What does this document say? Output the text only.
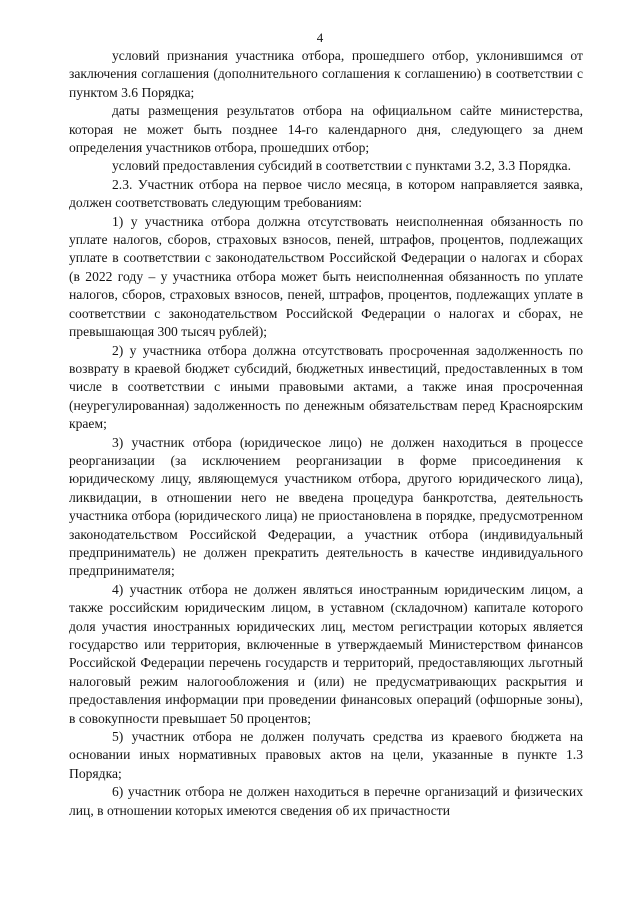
4

условий признания участника отбора, прошедшего отбор, уклонившимся от заключения соглашения (дополнительного соглашения к соглашению) в соответствии с пунктом 3.6 Порядка;

даты размещения результатов отбора на официальном сайте министерства, которая не может быть позднее 14-го календарного дня, следующего за днем определения участников отбора, прошедших отбор;

условий предоставления субсидий в соответствии с пунктами 3.2, 3.3 Порядка.

2.3. Участник отбора на первое число месяца, в котором направляется заявка, должен соответствовать следующим требованиям:

1) у участника отбора должна отсутствовать неисполненная обязанность по уплате налогов, сборов, страховых взносов, пеней, штрафов, процентов, подлежащих уплате в соответствии с законодательством Российской Федерации о налогах и сборах (в 2022 году – у участника отбора может быть неисполненная обязанность по уплате налогов, сборов, страховых взносов, пеней, штрафов, процентов, подлежащих уплате в соответствии с законодательством Российской Федерации о налогах и сборах, не превышающая 300 тысяч рублей);

2) у участника отбора должна отсутствовать просроченная задолженность по возврату в краевой бюджет субсидий, бюджетных инвестиций, предоставленных в том числе в соответствии с иными правовыми актами, а также иная просроченная (неурегулированная) задолженность по денежным обязательствам перед Красноярским краем;

3) участник отбора (юридическое лицо) не должен находиться в процессе реорганизации (за исключением реорганизации в форме присоединения к юридическому лицу, являющемуся участником отбора, другого юридического лица), ликвидации, в отношении него не введена процедура банкротства, деятельность участника отбора (юридического лица) не приостановлена в порядке, предусмотренном законодательством Российской Федерации, а участник отбора (индивидуальный предприниматель) не должен прекратить деятельность в качестве индивидуального предпринимателя;

4) участник отбора не должен являться иностранным юридическим лицом, а также российским юридическим лицом, в уставном (складочном) капитале которого доля участия иностранных юридических лиц, местом регистрации которых является государство или территория, включенные в утверждаемый Министерством финансов Российской Федерации перечень государств и территорий, предоставляющих льготный налоговый режим налогообложения и (или) не предусматривающих раскрытия и предоставления информации при проведении финансовых операций (офшорные зоны), в совокупности превышает 50 процентов;

5) участник отбора не должен получать средства из краевого бюджета на основании иных нормативных правовых актов на цели, указанные в пункте 1.3 Порядка;

6) участник отбора не должен находиться в перечне организаций и физических лиц, в отношении которых имеются сведения об их причастности
